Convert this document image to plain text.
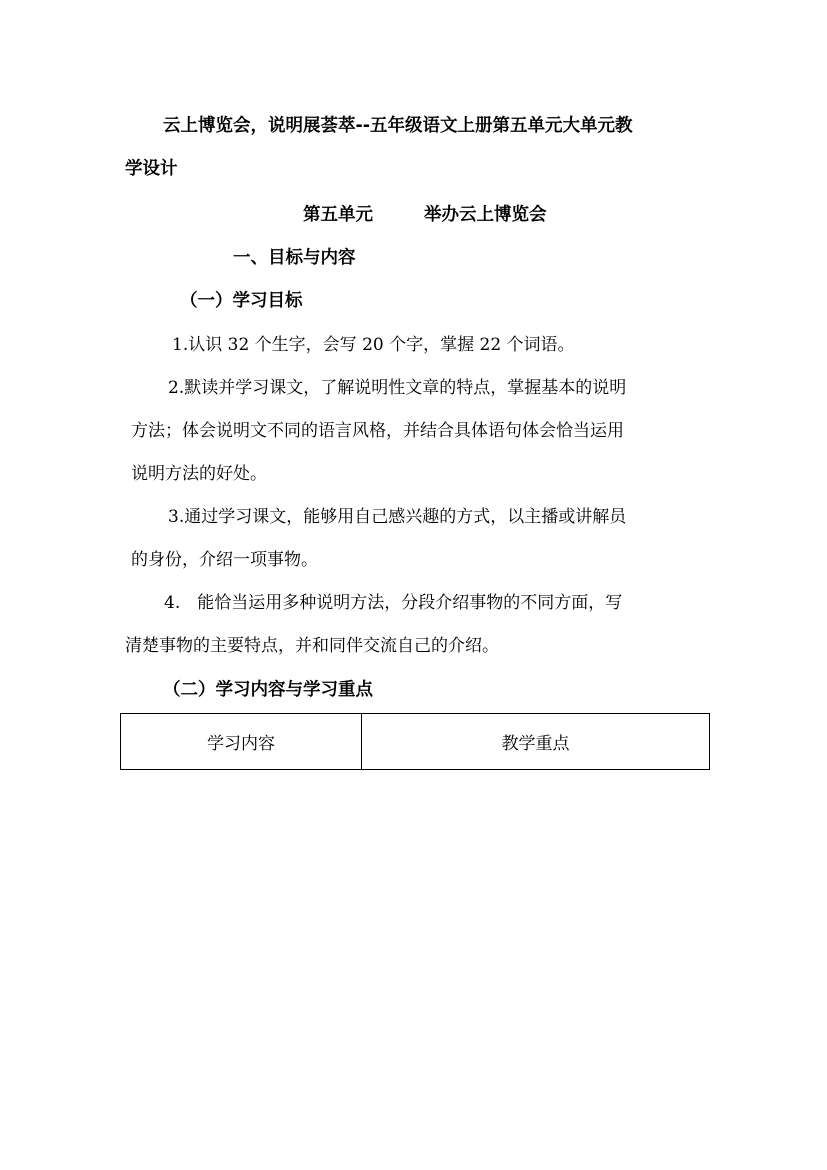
云上博览会，说明展荟萃--五年级语文上册第五单元大单元教
学设计
第五单元	举办云上博览会
一、目标与内容
（一）学习目标
1.认识 32 个生字，会写 20 个字，掌握 22 个词语。
2.默读并学习课文，了解说明性文章的特点，掌握基本的说明
方法；体会说明文不同的语言风格，并结合具体语句体会恰当运用
说明方法的好处。
3.通过学习课文，能够用自己感兴趣的方式，以主播或讲解员
的身份，介绍一项事物。
4.　能恰当运用多种说明方法，分段介绍事物的不同方面，写
清楚事物的主要特点，并和同伴交流自己的介绍。
（二）学习内容与学习重点
学习内容	教学重点
